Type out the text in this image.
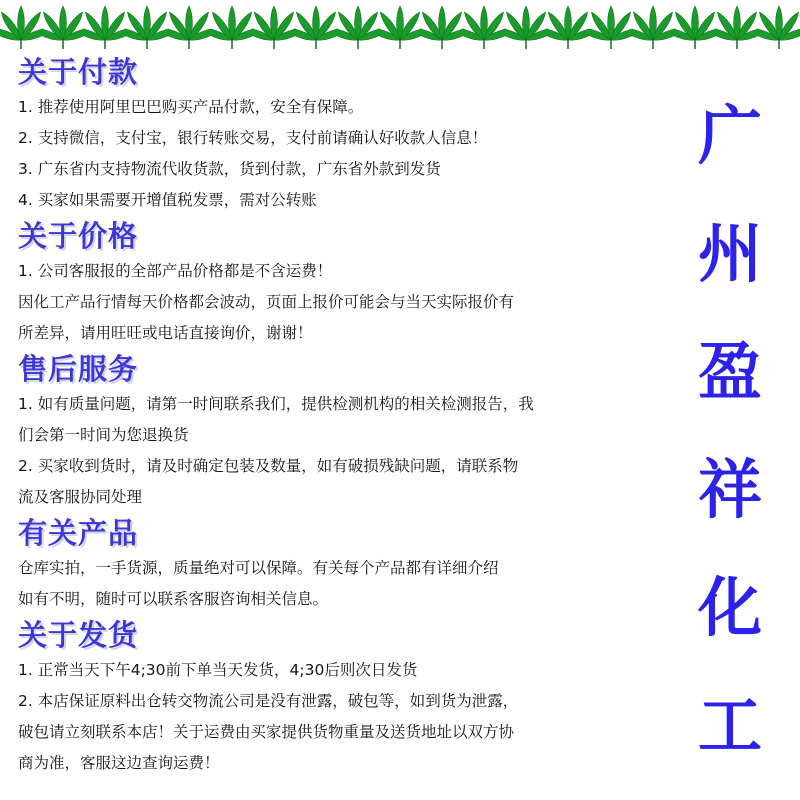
关于付款
1. 推荐使用阿里巴巴购买产品付款，安全有保障。
2. 支持微信，支付宝，银行转账交易，支付前请确认好收款人信息！
3. 广东省内支持物流代收货款，货到付款，广东省外款到发货
4. 买家如果需要开增值税发票，需对公转账
关于价格
1. 公司客服报的全部产品价格都是不含运费！
因化工产品行情每天价格都会波动，页面上报价可能会与当天实际报价有
所差异，请用旺旺或电话直接询价，谢谢！
售后服务
1. 如有质量问题，请第一时间联系我们，提供检测机构的相关检测报告，我
们会第一时间为您退换货
2. 买家收到货时，请及时确定包装及数量，如有破损残缺问题，请联系物
流及客服协同处理
有关产品
仓库实拍，一手货源，质量绝对可以保障。有关每个产品都有详细介绍
如有不明，随时可以联系客服咨询相关信息。
关于发货
1. 正常当天下午4;30前下单当天发货，4;30后则次日发货
2. 本店保证原料出仓转交物流公司是没有泄露，破包等，如到货为泄露，
破包请立刻联系本店！关于运费由买家提供货物重量及送货地址以双方协
商为准，客服这边查询运费！
广
州
盈
祥
化
工
